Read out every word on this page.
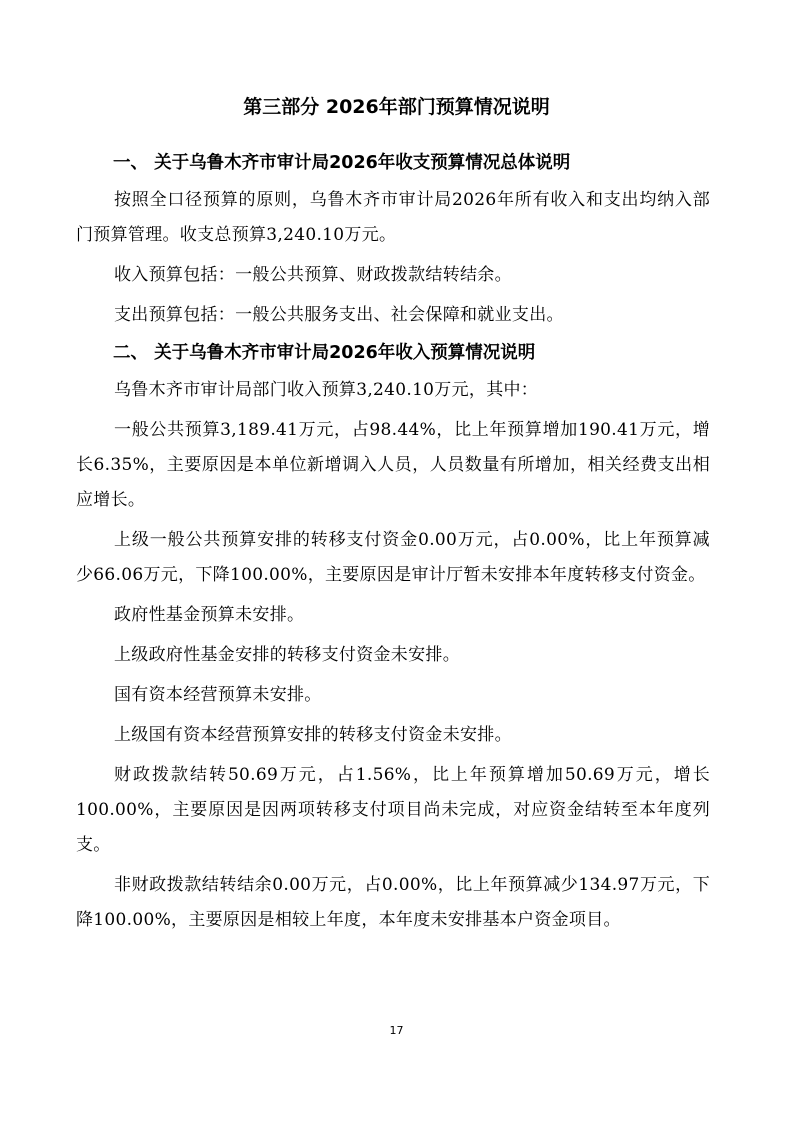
第三部分 2026年部门预算情况说明
一、 关于乌鲁木齐市审计局2026年收支预算情况总体说明

按照全口径预算的原则，乌鲁木齐市审计局2026年所有收入和支出均纳入部门预算管理。收支总预算3,240.10万元。

收入预算包括：一般公共预算、财政拨款结转结余。

支出预算包括：一般公共服务支出、社会保障和就业支出。

二、 关于乌鲁木齐市审计局2026年收入预算情况说明

乌鲁木齐市审计局部门收入预算3,240.10万元，其中：

一般公共预算3,189.41万元，占98.44%，比上年预算增加190.41万元，增长6.35%，主要原因是本单位新增调入人员，人员数量有所增加，相关经费支出相应增长。

上级一般公共预算安排的转移支付资金0.00万元，占0.00%，比上年预算减少66.06万元，下降100.00%，主要原因是审计厅暂未安排本年度转移支付资金。

政府性基金预算未安排。

上级政府性基金安排的转移支付资金未安排。

国有资本经营预算未安排。

上级国有资本经营预算安排的转移支付资金未安排。

财政拨款结转50.69万元，占1.56%，比上年预算增加50.69万元，增长100.00%，主要原因是因两项转移支付项目尚未完成，对应资金结转至本年度列支。

非财政拨款结转结余0.00万元，占0.00%，比上年预算减少134.97万元，下降100.00%，主要原因是相较上年度，本年度未安排基本户资金项目。

17
